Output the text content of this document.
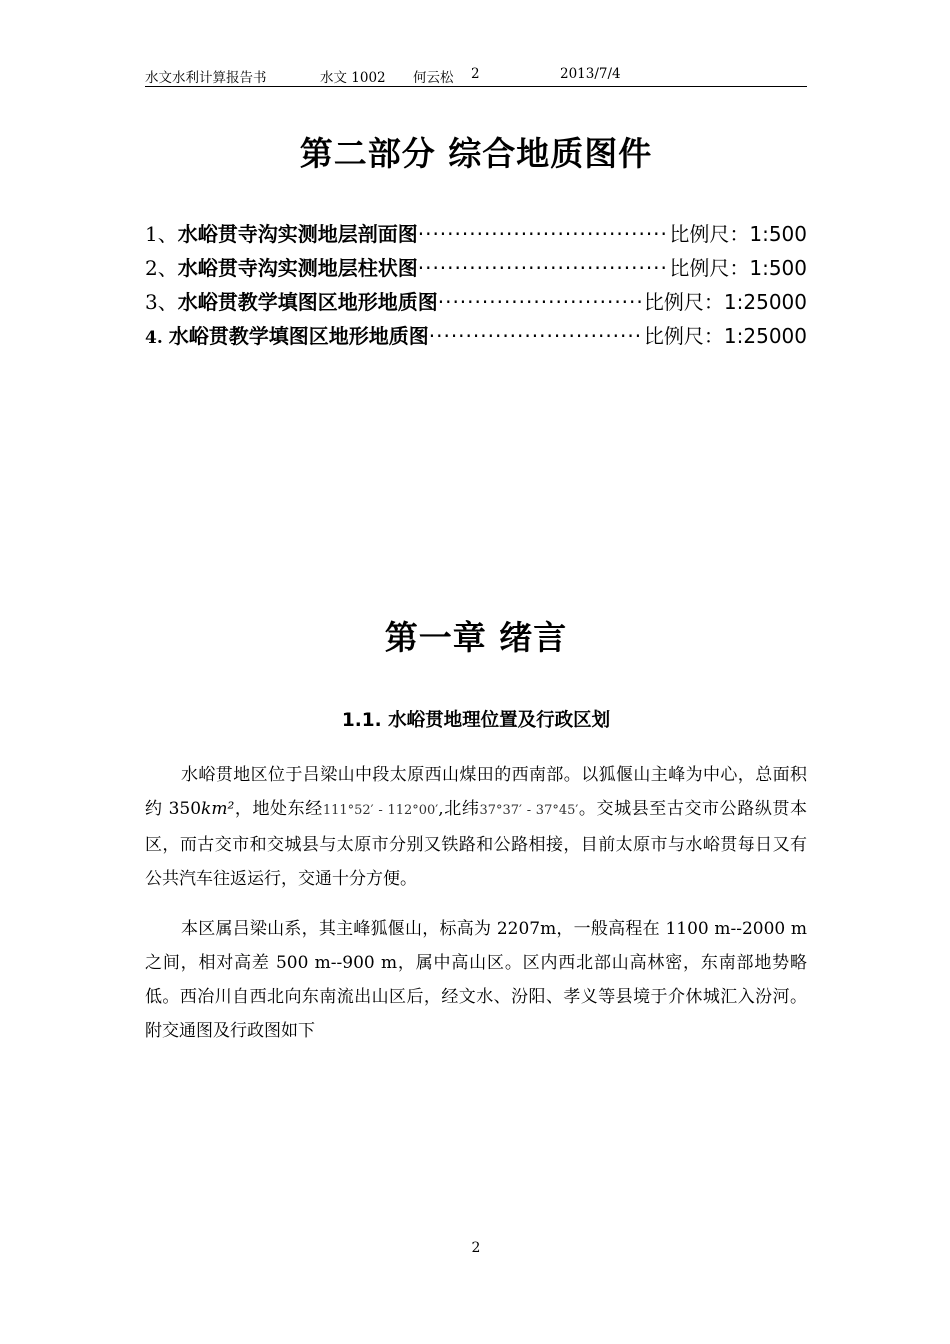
水文水利计算报告书	水文 1002 何云松 2	2013/7/4
第二部分 综合地质图件
1、 水峪贯寺沟实测地层剖面图 ·····	比例尺：1:500
2、 水峪贯寺沟实测地层柱状图 ·····	比例尺：1:500
3、 水峪贯教学填图区地形地质图 ·····	比例尺：1:25000
4. 水峪贯教学填图区地形地质图 ·····	比例尺：1:25000
第一章 绪言
1.1. 水峪贯地理位置及行政区划
水峪贯地区位于吕梁山中段太原西山煤田的西南部。以狐偃山主峰为中心，总面积约 350km²，地处东经111°52′ - 112°00′,北纬37°37′ - 37°45′。交城县至古交市公路纵贯本区，而古交市和交城县与太原市分别又铁路和公路相接，目前太原市与水峪贯每日又有公共汽车往返运行，交通十分方便。
本区属吕梁山系，其主峰狐偃山，标高为 2207m，一般高程在 1100 m--2000 m 之间，相对高差 500 m--900 m，属中高山区。区内西北部山高林密，东南部地势略低。西冶川自西北向东南流出山区后，经文水、汾阳、孝义等县境于介休城汇入汾河。附交通图及行政图如下
2
